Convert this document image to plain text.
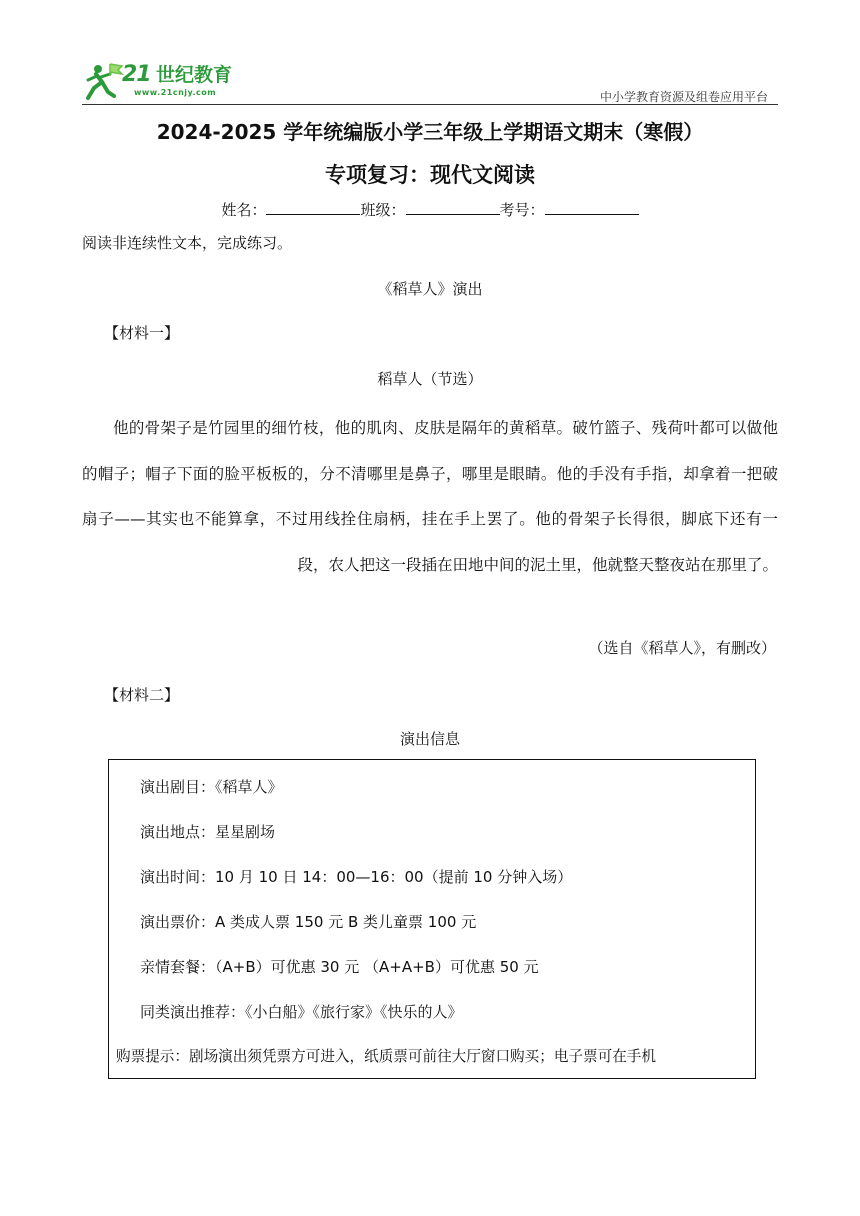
21 世纪教育
www.21cnjy.com	中小学教育资源及组卷应用平台
2024-2025 学年统编版小学三年级上学期语文期末（寒假）
专项复习：现代文阅读
姓名：	班级：	考号：
阅读非连续性文本，完成练习。
《稻草人》演出
【材料一】
稻草人（节选）
他的骨架子是竹园里的细竹枝，他的肌肉、皮肤是隔年的黄稻草。破竹篮子、残荷叶都可以做他的帽子；帽子下面的脸平板板的，分不清哪里是鼻子，哪里是眼睛。他的手没有手指，却拿着一把破扇子——其实也不能算拿，不过用线拴住扇柄，挂在手上罢了。他的骨架子长得很，脚底下还有一段，农人把这一段插在田地中间的泥土里，他就整天整夜站在那里了。
（选自《稻草人》，有删改）
【材料二】
演出信息
演出剧目：《稻草人》
演出地点：星星剧场
演出时间：10 月 10 日 14：00—16：00（提前 10 分钟入场）
演出票价：A 类成人票 150 元 B 类儿童票 100 元
亲情套餐：（A+B）可优惠 30 元 （A+A+B）可优惠 50 元
同类演出推荐：《小白船》《旅行家》《快乐的人》
购票提示：剧场演出须凭票方可进入，纸质票可前往大厅窗口购买；电子票可在手机
